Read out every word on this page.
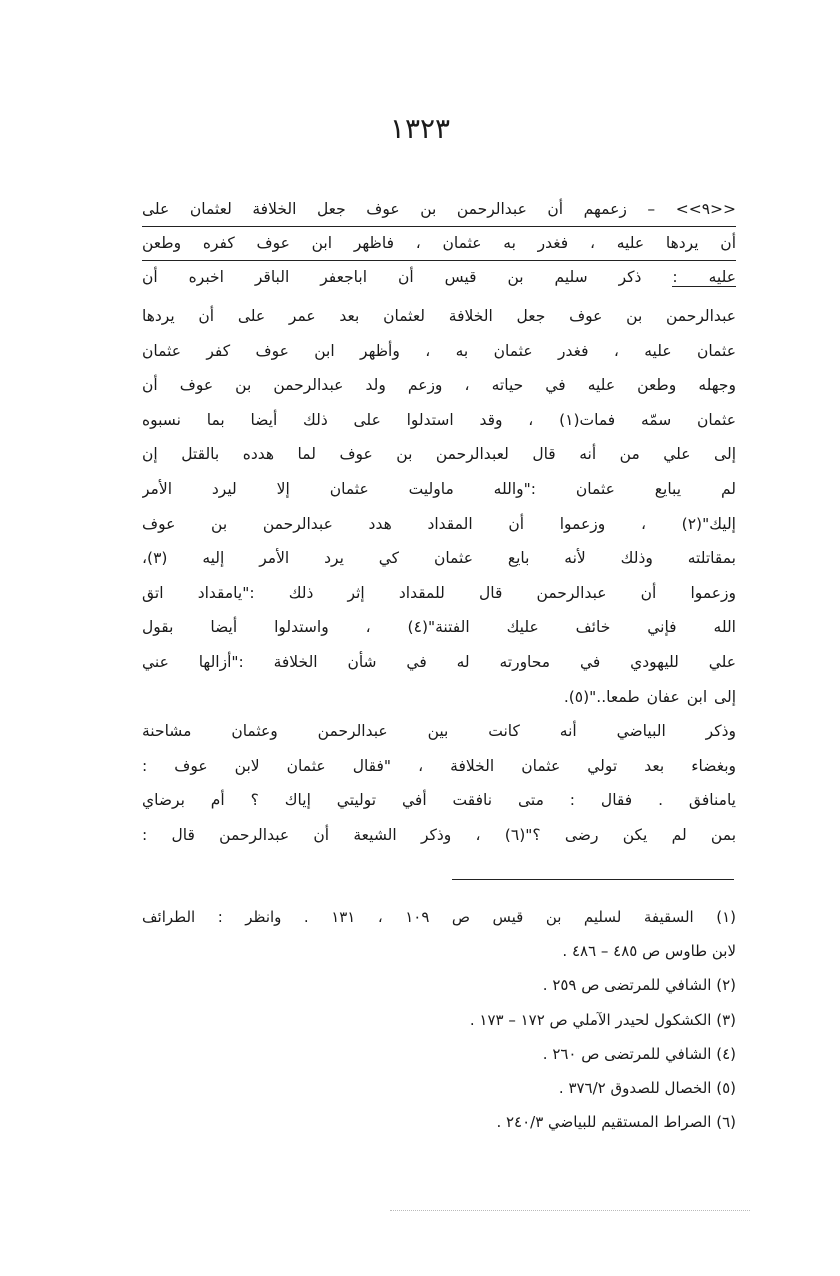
١٣٢٣
<<٩>> – زعمهم أن عبدالرحمن بن عوف جعل الخلافة لعثمان على
أن يردها عليه ، فغدر به عثمان ، فاظهر ابن عوف كفره وطعن
عليه : ذكر سليم بن قيس أن اباجعفر الباقر اخبره أن
عبدالرحمن بن عوف جعل الخلافة لعثمان بعد عمر على أن يردها
عثمان عليه ، فغدر عثمان به ، وأظهر ابن عوف كفر عثمان
وجهله وطعن عليه في حياته ، وزعم ولد عبدالرحمن بن عوف أن
عثمان سمّه فمات(١) ، وقد استدلوا على ذلك أيضا بما نسبوه
إلى علي من أنه قال لعبدالرحمن بن عوف لما هدده بالقتل إن
لم يبايع عثمان :"والله ماوليت عثمان إلا ليرد الأمر
إليك"(٢) ، وزعموا أن المقداد هدد عبدالرحمن بن عوف
بمقاتلته وذلك لأنه بايع عثمان كي يرد الأمر إليه (٣)،
وزعموا أن عبدالرحمن قال للمقداد إثر ذلك :"يامقداد اتق
الله فإني خائف عليك الفتنة"(٤) ، واستدلوا أيضا بقول
علي لليهودي في محاورته له في شأن الخلافة :"أزالها عني
إلى ابن عفان طمعا.."(٥).
وذكر البياضي أنه كانت بين عبدالرحمن وعثمان مشاحنة
وبغضاء بعد تولي عثمان الخلافة ، "فقال عثمان لابن عوف :
يامنافق . فقال : متى نافقت أفي توليتي إياك ؟ أم برضاي
بمن لم يكن رضى ؟"(٦) ، وذكر الشيعة أن عبدالرحمن قال :
(١) السقيفة لسليم بن قيس ص ١٠٩ ، ١٣١ . وانظر : الطرائف
لابن طاوس ص ٤٨٥ – ٤٨٦ .
(٢) الشافي للمرتضى ص ٢٥٩ .
(٣) الكشكول لحيدر الآملي ص ١٧٢ – ١٧٣ .
(٤) الشافي للمرتضى ص ٢٦٠ .
(٥) الخصال للصدوق ٣٧٦/٢ .
(٦) الصراط المستقيم للبياضي ٢٤٠/٣ .
